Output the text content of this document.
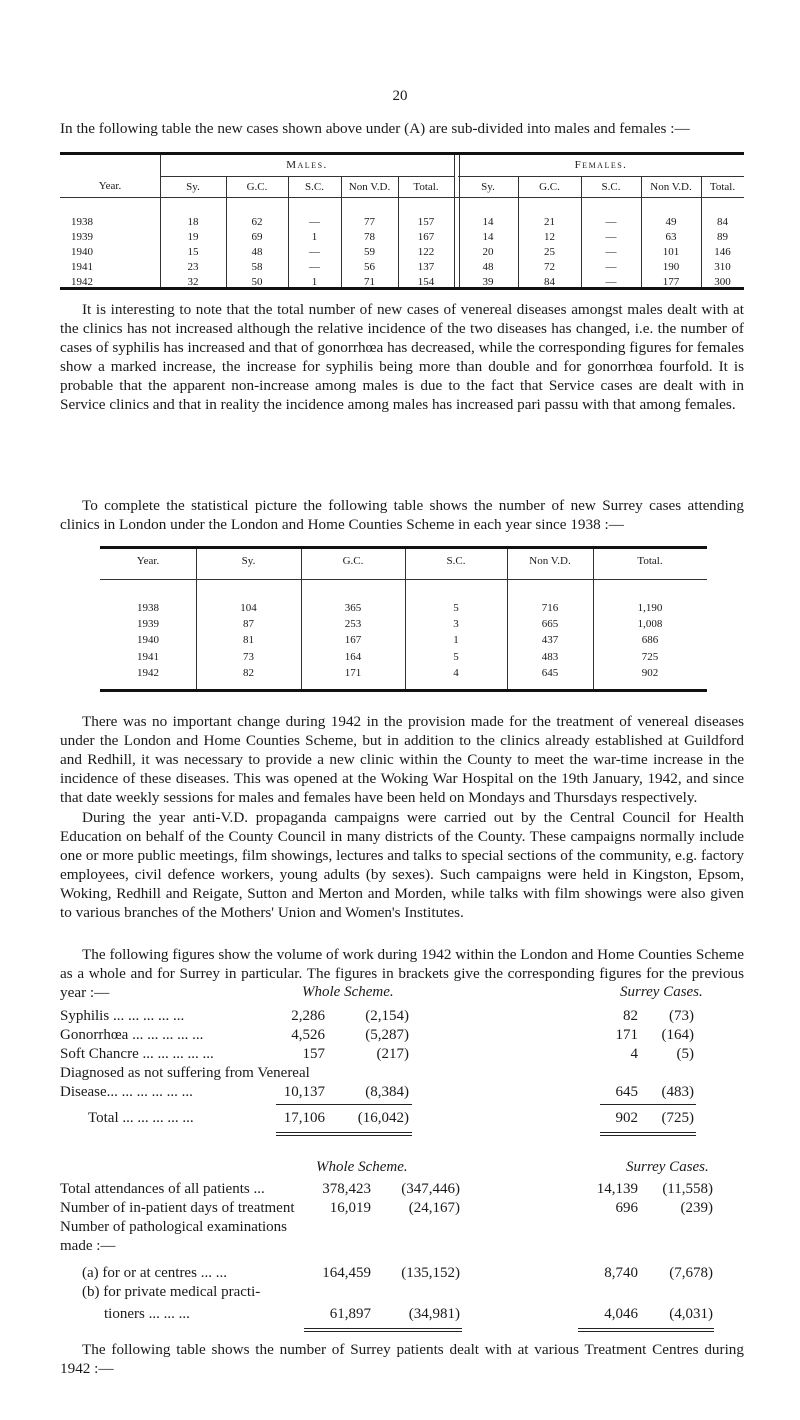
20

In the following table the new cases shown above under (A) are sub-divided into males and females :—

Year.
Males.	Females.
Sy.	G.C.	S.C.	Non V.D.	Total.	Sy.	G.C.	S.C.	Non V.D.	Total.
1938	18	62	—	77	157	14	21	—	49	84
1939	19	69	1	78	167	14	12	—	63	89
1940	15	48	—	59	122	20	25	—	101	146
1941	23	58	—	56	137	48	72	—	190	310
1942	32	50	1	71	154	39	84	—	177	300

It is interesting to note that the total number of new cases of venereal diseases amongst males dealt with at the clinics has not increased although the relative incidence of the two diseases has changed, i.e. the number of cases of syphilis has increased and that of gonorrhœa has decreased, while the corresponding figures for females show a marked increase, the increase for syphilis being more than double and for gonorrhœa fourfold. It is probable that the apparent non-increase among males is due to the fact that Service cases are dealt with in Service clinics and that in reality the incidence among males has increased pari passu with that among females.

To complete the statistical picture the following table shows the number of new Surrey cases attending clinics in London under the London and Home Counties Scheme in each year since 1938 :—

Year.	Sy.	G.C.	S.C.	Non V.D.	Total.
1938	104	365	5	716	1,190
1939	87	253	3	665	1,008
1940	81	167	1	437	686
1941	73	164	5	483	725
1942	82	171	4	645	902

There was no important change during 1942 in the provision made for the treatment of venereal diseases under the London and Home Counties Scheme, but in addition to the clinics already established at Guildford and Redhill, it was necessary to provide a new clinic within the County to meet the war-time increase in the incidence of these diseases. This was opened at the Woking War Hospital on the 19th January, 1942, and since that date weekly sessions for males and females have been held on Mondays and Thursdays respectively.

During the year anti-V.D. propaganda campaigns were carried out by the Central Council for Health Education on behalf of the County Council in many districts of the County. These campaigns normally include one or more public meetings, film showings, lectures and talks to special sections of the community, e.g. factory employees, civil defence workers, young adults (by sexes). Such campaigns were held in Kingston, Epsom, Woking, Redhill and Reigate, Sutton and Merton and Morden, while talks with film showings were also given to various branches of the Mothers' Union and Women's Institutes.

The following figures show the volume of work during 1942 within the London and Home Counties Scheme as a whole and for Surrey in particular. The figures in brackets give the corresponding figures for the previous year :—	Whole Scheme.	Surrey Cases.
Syphilis ... ... ... ... ...	2,286	(2,154)	82	(73)
Gonorrhœa ... ... ... ... ...	4,526	(5,287)	171	(164)
Soft Chancre ... ... ... ... ...	157	(217)	4	(5)
Diagnosed as not suffering from Venereal
Disease... ... ... ... ... ...	10,137	(8,384)	645	(483)
Total ... ... ... ... ...	17,106	(16,042)	902	(725)
Whole Scheme.	Surrey Cases.
Total attendances of all patients ...	378,423	(347,446)	14,139	(11,558)
Number of in-patient days of treatment	16,019	(24,167)	696	(239)
Number of pathological examinations
made :—
(a) for or at centres ... ...	164,459	(135,152)	8,740	(7,678)
(b) for private medical practi-
tioners ... ... ...	61,897	(34,981)	4,046	(4,031)

The following table shows the number of Surrey patients dealt with at various Treatment Centres during 1942 :—
